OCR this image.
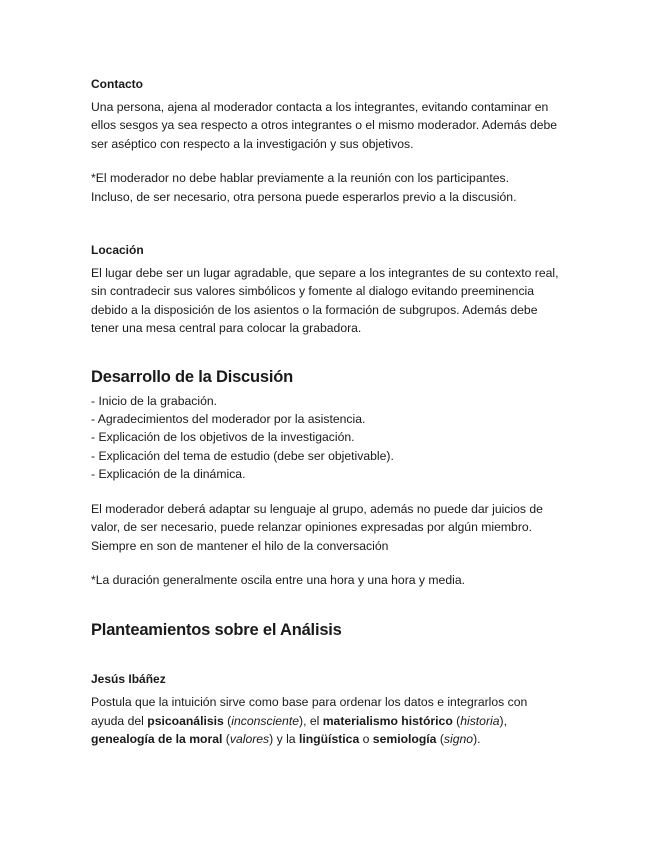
Contacto

Una persona, ajena al moderador contacta a los integrantes, evitando contaminar en
ellos sesgos ya sea respecto a otros integrantes o el mismo moderador. Además debe
ser aséptico con respecto a la investigación y sus objetivos.

*El moderador no debe hablar previamente a la reunión con los participantes.
Incluso, de ser necesario, otra persona puede esperarlos previo a la discusión.

Locación

El lugar debe ser un lugar agradable, que separe a los integrantes de su contexto real,
sin contradecir sus valores simbólicos y fomente al dialogo evitando preeminencia
debido a la disposición de los asientos o la formación de subgrupos. Además debe
tener una mesa central para colocar la grabadora.

Desarrollo de la Discusión
- Inicio de la grabación.
- Agradecimientos del moderador por la asistencia.
- Explicación de los objetivos de la investigación.
- Explicación del tema de estudio (debe ser objetivable).
- Explicación de la dinámica.

El moderador deberá adaptar su lenguaje al grupo, además no puede dar juicios de
valor, de ser necesario, puede relanzar opiniones expresadas por algún miembro.
Siempre en son de mantener el hilo de la conversación

*La duración generalmente oscila entre una hora y una hora y media.

Planteamientos sobre el Análisis
Jesús Ibáñez

Postula que la intuición sirve como base para ordenar los datos e integrarlos con
ayuda del psicoanálisis (inconsciente), el materialismo histórico (historia),
genealogía de la moral (valores) y la lingüística o semiología (signo).
